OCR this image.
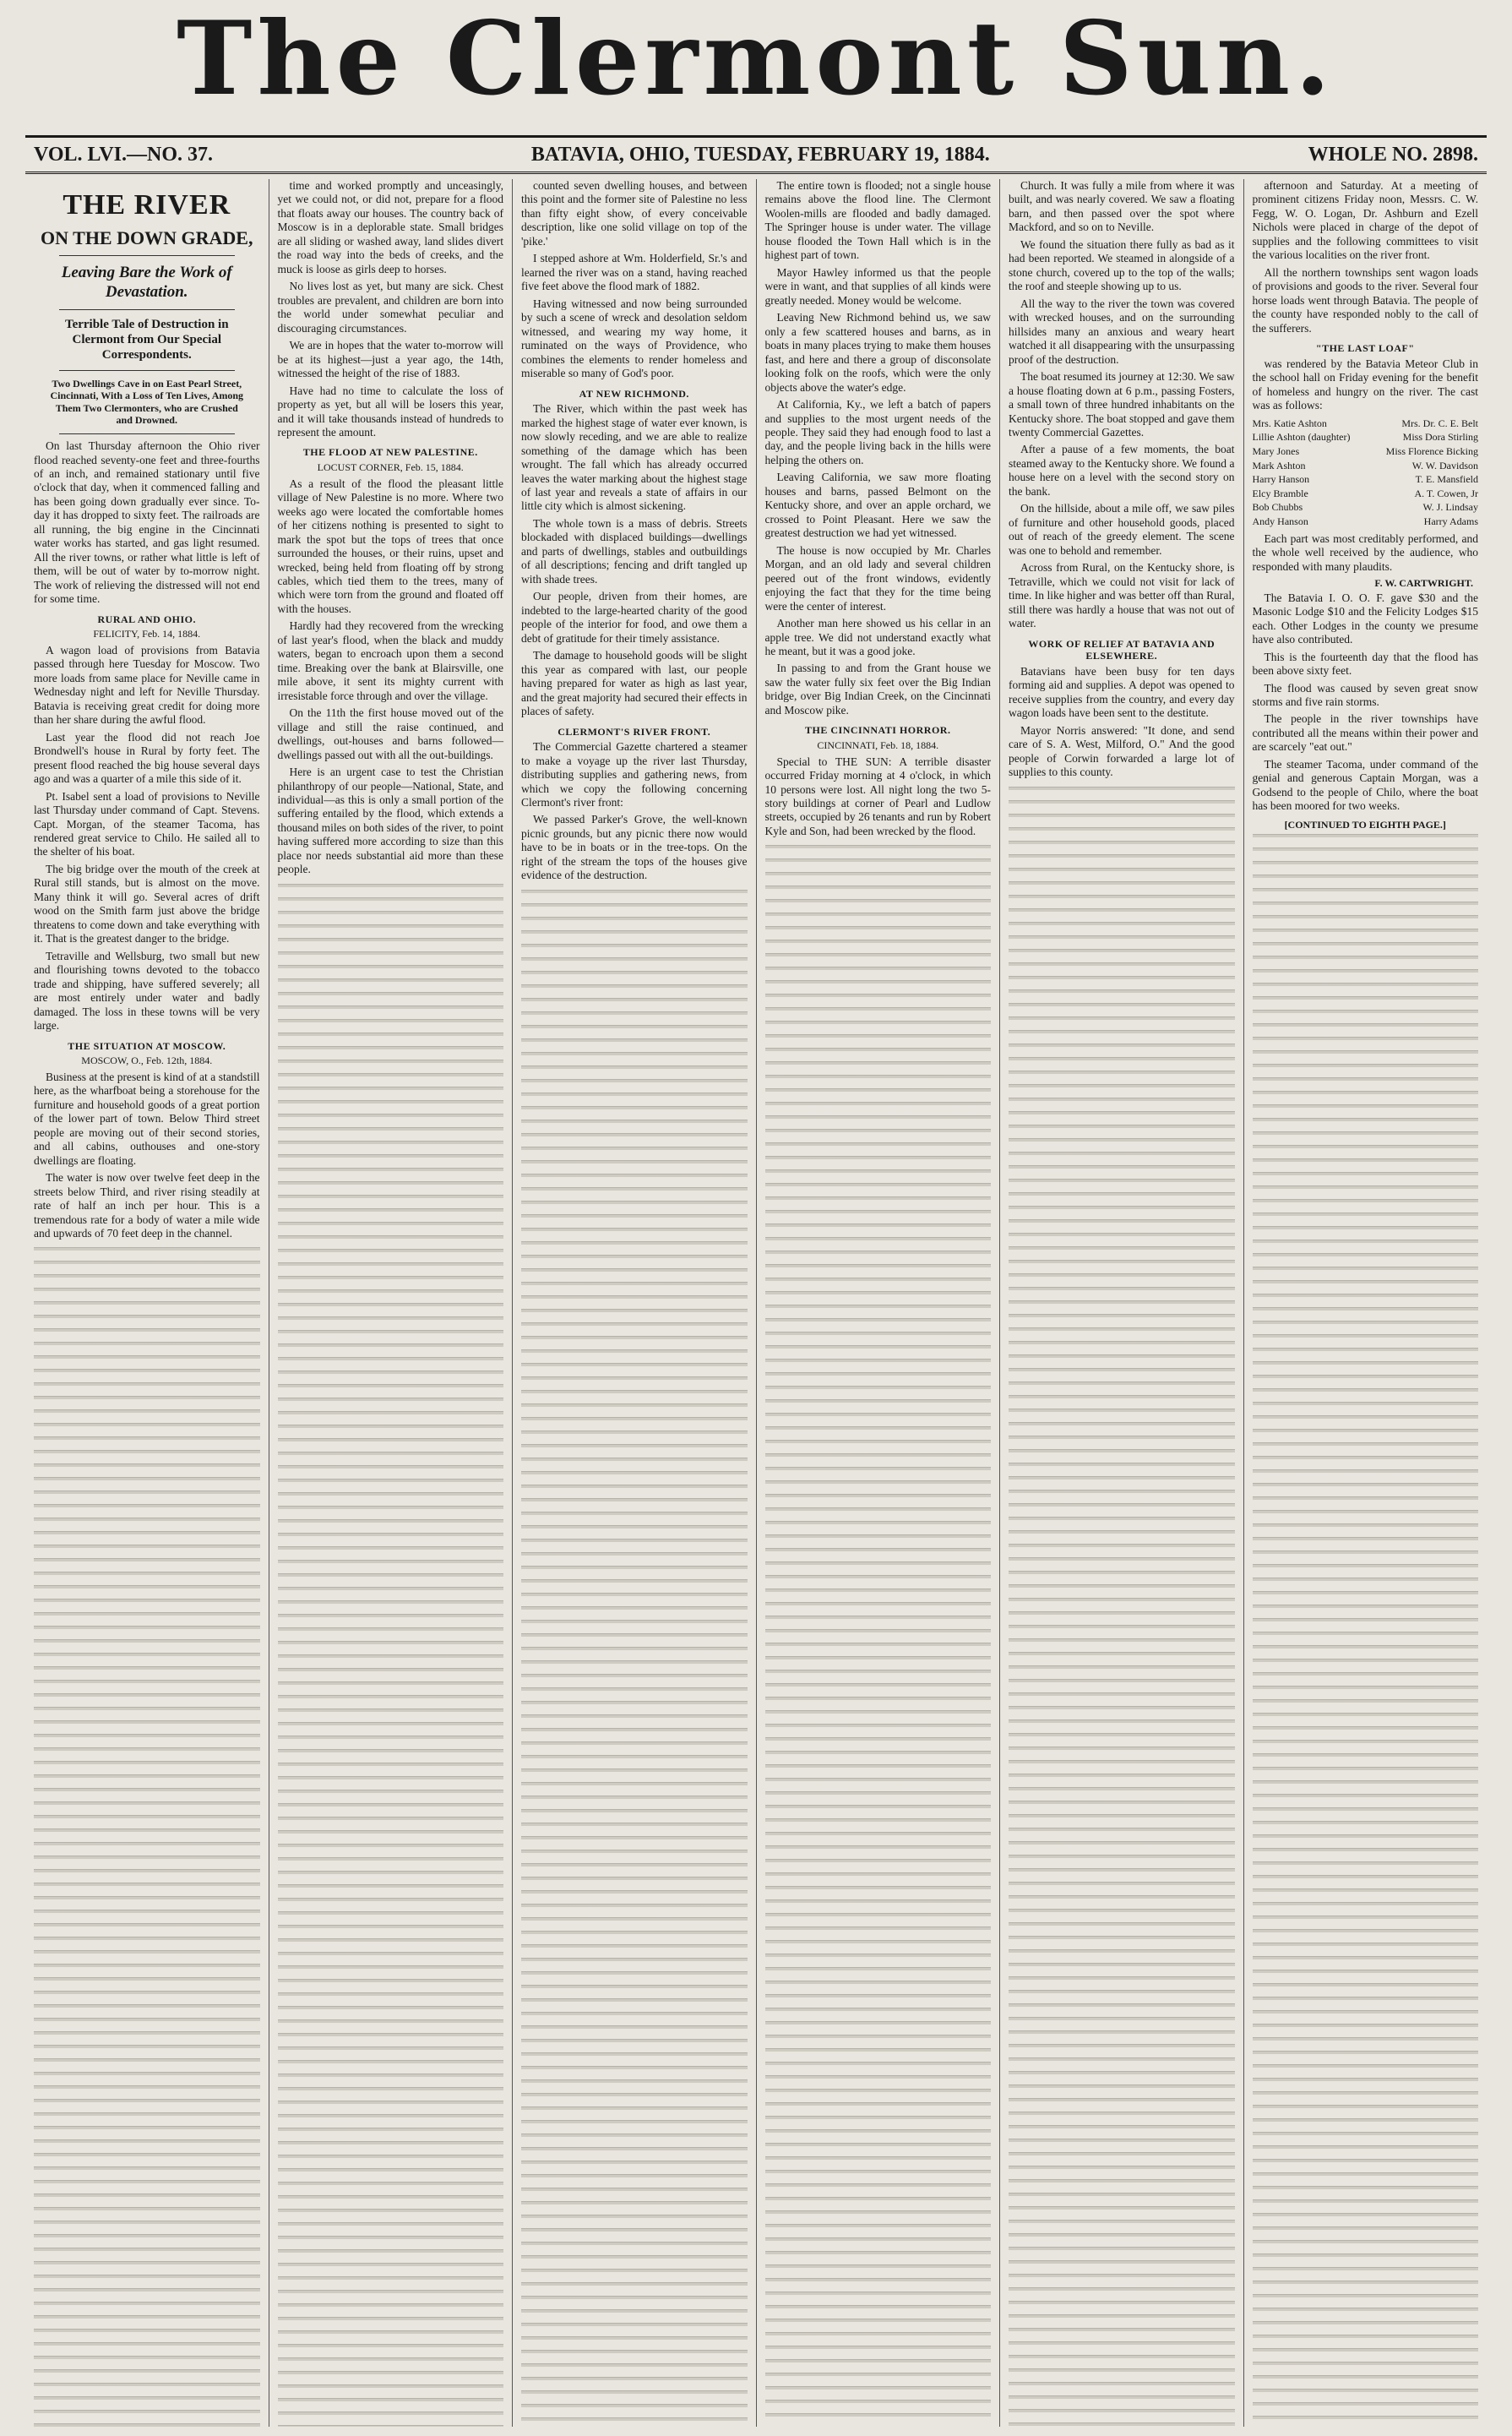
The Clermont Sun.
VOL. LVI.—NO. 37.	BATAVIA, OHIO, TUESDAY, FEBRUARY 19, 1884.	WHOLE NO. 2898.
THE RIVER
ON THE DOWN GRADE,
Leaving Bare the Work of Devastation.
Terrible Tale of Destruction in Clermont from Our Special Correspondents.
Two Dwellings Cave in on East Pearl Street, Cincinnati, With a Loss of Ten Lives, Among Them Two Clermonters, who are Crushed and Drowned.

On last Thursday afternoon the Ohio river flood reached seventy-one feet and three-fourths of an inch, and remained stationary until five o'clock that day, when it commenced falling and has been going down gradually ever since. To-day it has dropped to sixty feet. The railroads are all running, the big engine in the Cincinnati water works has started, and gas light resumed. All the river towns, or rather what little is left of them, will be out of water by to-morrow night. The work of relieving the distressed will not end for some time.

RURAL AND OHIO.
FELICITY, Feb. 14, 1884.

A wagon load of provisions from Batavia passed through here Tuesday for Moscow. Two more loads from same place for Neville came in Wednesday night and left for Neville Thursday. Batavia is receiving great credit for doing more than her share during the awful flood.

Last year the flood did not reach Joe Brondwell's house in Rural by forty feet. The present flood reached the big house several days ago and was a quarter of a mile this side of it.

Pt. Isabel sent a load of provisions to Neville last Thursday under command of Capt. Stevens. Capt. Morgan, of the steamer Tacoma, has rendered great service to Chilo. He sailed all to the shelter of his boat.

The big bridge over the mouth of the creek at Rural still stands, but is almost on the move. Many think it will go. Several acres of drift wood on the Smith farm just above the bridge threatens to come down and take everything with it. That is the greatest danger to the bridge.

Tetraville and Wellsburg, two small but new and flourishing towns devoted to the tobacco trade and shipping, have suffered severely; all are most entirely under water and badly damaged. The loss in these towns will be very large.

THE SITUATION AT MOSCOW.
MOSCOW, O., Feb. 12th, 1884.

Business at the present is kind of at a standstill here, as the wharfboat being a storehouse for the furniture and household goods of a great portion of the lower part of town. Below Third street people are moving out of their second stories, and all cabins, outhouses and one-story dwellings are floating.

The water is now over twelve feet deep in the streets below Third, and river rising steadily at rate of half an inch per hour. This is a tremendous rate for a body of water a mile wide and upwards of 70 feet deep in the channel.

time and worked promptly and unceasingly, yet we could not, or did not, prepare for a flood that floats away our houses. The country back of Moscow is in a deplorable state. Small bridges are all sliding or washed away, land slides divert the road way into the beds of creeks, and the muck is loose as girls deep to horses.

No lives lost as yet, but many are sick. Chest troubles are prevalent, and children are born into the world under somewhat peculiar and discouraging circumstances.

We are in hopes that the water to-morrow will be at its highest—just a year ago, the 14th, witnessed the height of the rise of 1883.

Have had no time to calculate the loss of property as yet, but all will be losers this year, and it will take thousands instead of hundreds to represent the amount.

THE FLOOD AT NEW PALESTINE.
LOCUST CORNER, Feb. 15, 1884.

As a result of the flood the pleasant little village of New Palestine is no more. Where two weeks ago were located the comfortable homes of her citizens nothing is presented to sight to mark the spot but the tops of trees that once surrounded the houses, or their ruins, upset and wrecked, being held from floating off by strong cables, which tied them to the trees, many of which were torn from the ground and floated off with the houses.

Hardly had they recovered from the wrecking of last year's flood, when the black and muddy waters, began to encroach upon them a second time. Breaking over the bank at Blairsville, one mile above, it sent its mighty current with irresistable force through and over the village.

On the 11th the first house moved out of the village and still the raise continued, and dwellings, out-houses and barns followed—dwellings passed out with all the out-buildings.

Here is an urgent case to test the Christian philanthropy of our people—National, State, and individual—as this is only a small portion of the suffering entailed by the flood, which extends a thousand miles on both sides of the river, to point having suffered more according to size than this place nor needs substantial aid more than these people.

counted seven dwelling houses, and between this point and the former site of Palestine no less than fifty eight show, of every conceivable description, like one solid village on top of the 'pike.'

I stepped ashore at Wm. Holderfield, Sr.'s and learned the river was on a stand, having reached five feet above the flood mark of 1882.

Having witnessed and now being surrounded by such a scene of wreck and desolation seldom witnessed, and wearing my way home, it ruminated on the ways of Providence, who combines the elements to render homeless and miserable so many of God's poor.

AT NEW RICHMOND.

The River, which within the past week has marked the highest stage of water ever known, is now slowly receding, and we are able to realize something of the damage which has been wrought. The fall which has already occurred leaves the water marking about the highest stage of last year and reveals a state of affairs in our little city which is almost sickening.

The whole town is a mass of debris. Streets blockaded with displaced buildings—dwellings and parts of dwellings, stables and outbuildings of all descriptions; fencing and drift tangled up with shade trees.

Our people, driven from their homes, are indebted to the large-hearted charity of the good people of the interior for food, and owe them a debt of gratitude for their timely assistance.

The damage to household goods will be slight this year as compared with last, our people having prepared for water as high as last year, and the great majority had secured their effects in places of safety.

CLERMONT'S RIVER FRONT.

The Commercial Gazette chartered a steamer to make a voyage up the river last Thursday, distributing supplies and gathering news, from which we copy the following concerning Clermont's river front:

We passed Parker's Grove, the well-known picnic grounds, but any picnic there now would have to be in boats or in the tree-tops. On the right of the stream the tops of the houses give evidence of the destruction.

The entire town is flooded; not a single house remains above the flood line. The Clermont Woolen-mills are flooded and badly damaged. The Springer house is under water. The village house flooded the Town Hall which is in the highest part of town.

Mayor Hawley informed us that the people were in want, and that supplies of all kinds were greatly needed. Money would be welcome.

Leaving New Richmond behind us, we saw only a few scattered houses and barns, as in boats in many places trying to make them houses fast, and here and there a group of disconsolate looking folk on the roofs, which were the only objects above the water's edge.

At California, Ky., we left a batch of papers and supplies to the most urgent needs of the people. They said they had enough food to last a day, and the people living back in the hills were helping the others on.

Leaving California, we saw more floating houses and barns, passed Belmont on the Kentucky shore, and over an apple orchard, we crossed to Point Pleasant. Here we saw the greatest destruction we had yet witnessed.

The house is now occupied by Mr. Charles Morgan, and an old lady and several children peered out of the front windows, evidently enjoying the fact that they for the time being were the center of interest.

Another man here showed us his cellar in an apple tree. We did not understand exactly what he meant, but it was a good joke.

In passing to and from the Grant house we saw the water fully six feet over the Big Indian bridge, over Big Indian Creek, on the Cincinnati and Moscow pike.

THE CINCINNATI HORROR.
CINCINNATI, Feb. 18, 1884.

Special to THE SUN: A terrible disaster occurred Friday morning at 4 o'clock, in which 10 persons were lost. All night long the two 5-story buildings at corner of Pearl and Ludlow streets, occupied by 26 tenants and run by Robert Kyle and Son, had been wrecked by the flood.

Church. It was fully a mile from where it was built, and was nearly covered. We saw a floating barn, and then passed over the spot where Mackford, and so on to Neville.

We found the situation there fully as bad as it had been reported. We steamed in alongside of a stone church, covered up to the top of the walls; the roof and steeple showing up to us.

All the way to the river the town was covered with wrecked houses, and on the surrounding hillsides many an anxious and weary heart watched it all disappearing with the unsurpassing proof of the destruction.

The boat resumed its journey at 12:30. We saw a house floating down at 6 p.m., passing Fosters, a small town of three hundred inhabitants on the Kentucky shore. The boat stopped and gave them twenty Commercial Gazettes.

After a pause of a few moments, the boat steamed away to the Kentucky shore. We found a house here on a level with the second story on the bank.

On the hillside, about a mile off, we saw piles of furniture and other household goods, placed out of reach of the greedy element. The scene was one to behold and remember.

Across from Rural, on the Kentucky shore, is Tetraville, which we could not visit for lack of time. In like higher and was better off than Rural, still there was hardly a house that was not out of water.

WORK OF RELIEF AT BATAVIA AND ELSEWHERE.

Batavians have been busy for ten days forming aid and supplies. A depot was opened to receive supplies from the country, and every day wagon loads have been sent to the destitute.

Mayor Norris answered: "It done, and send care of S. A. West, Milford, O." And the good people of Corwin forwarded a large lot of supplies to this county.

afternoon and Saturday. At a meeting of prominent citizens Friday noon, Messrs. C. W. Fegg, W. O. Logan, Dr. Ashburn and Ezell Nichols were placed in charge of the depot of supplies and the following committees to visit the various localities on the river front.

All the northern townships sent wagon loads of provisions and goods to the river. Several four horse loads went through Batavia. The people of the county have responded nobly to the call of the sufferers.

"THE LAST LOAF"

was rendered by the Batavia Meteor Club in the school hall on Friday evening for the benefit of homeless and hungry on the river. The cast was as follows:

Mrs. Katie Ashton	Mrs. Dr. C. E. Belt
Lillie Ashton (daughter)	Miss Dora Stirling
Mary Jones	Miss Florence Bicking
Mark Ashton	W. W. Davidson
Harry Hanson	T. E. Mansfield
Elcy Bramble	A. T. Cowen, Jr
Bob Chubbs	W. J. Lindsay
Andy Hanson	Harry Adams

Each part was most creditably performed, and the whole well received by the audience, who responded with many plaudits.

F. W. CARTWRIGHT.

The Batavia I. O. O. F. gave $30 and the Masonic Lodge $10 and the Felicity Lodges $15 each. Other Lodges in the county we presume have also contributed.

This is the fourteenth day that the flood has been above sixty feet.

The flood was caused by seven great snow storms and five rain storms.

The people in the river townships have contributed all the means within their power and are scarcely "eat out."

The steamer Tacoma, under command of the genial and generous Captain Morgan, was a Godsend to the people of Chilo, where the boat has been moored for two weeks.

[CONTINUED TO EIGHTH PAGE.]
